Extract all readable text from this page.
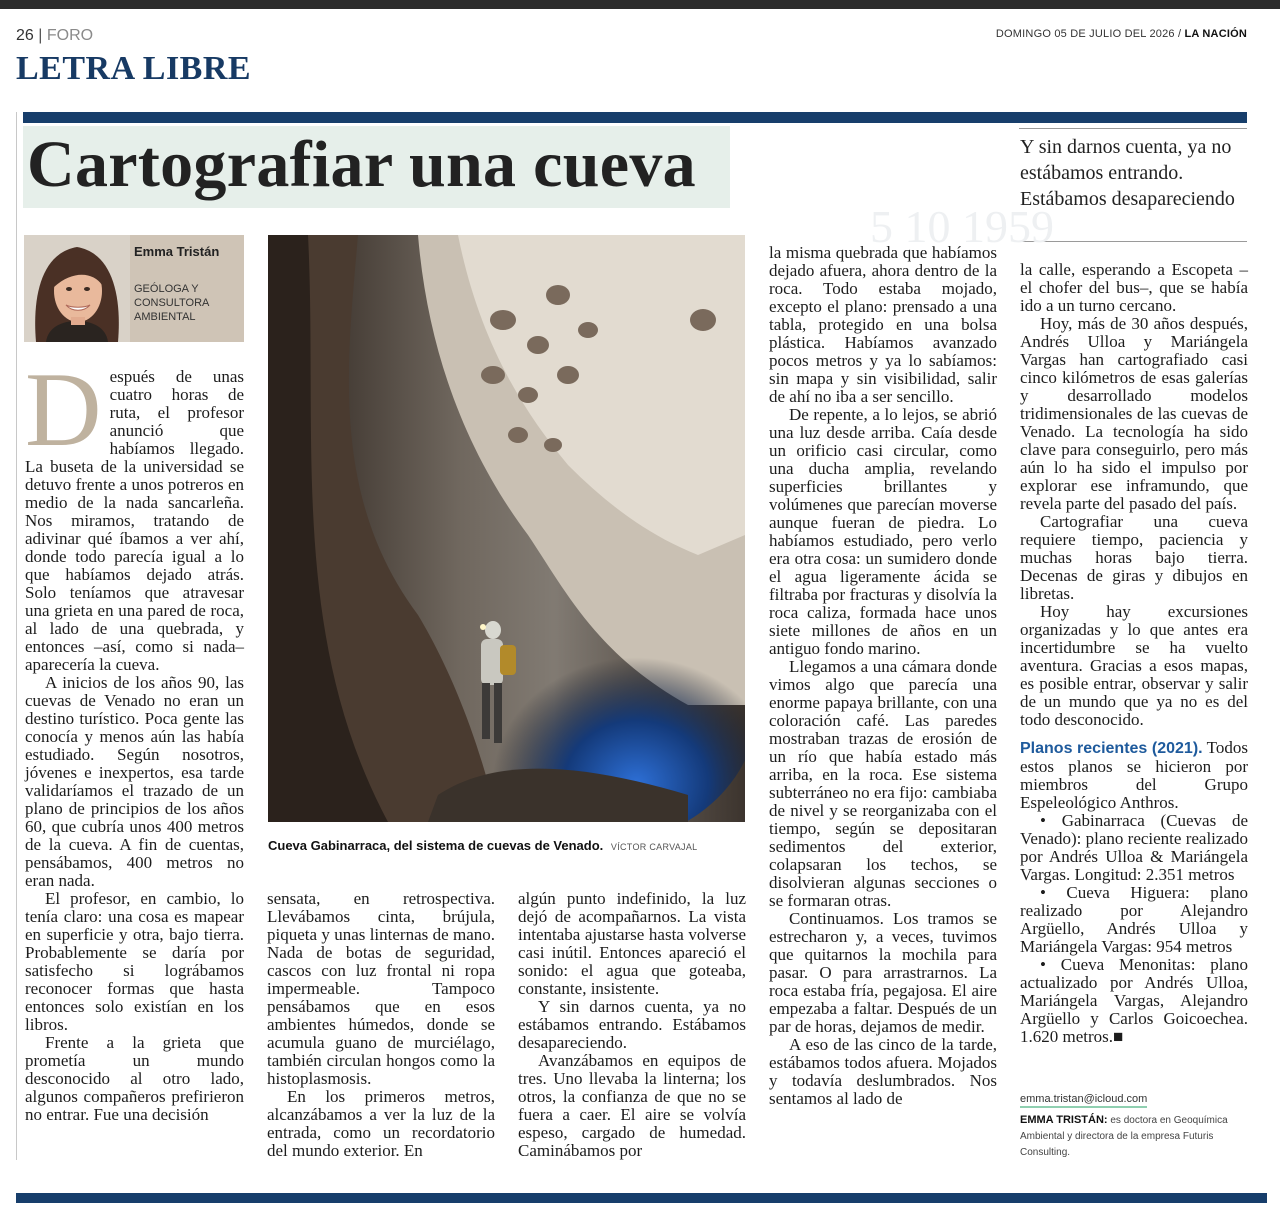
26 | FORO	DOMINGO 05 DE JULIO DEL 2026 / LA NACIÓN
LETRA LIBRE
Cartografiar una cueva	Y sin darnos cuenta, ya no estábamos entrando. Estábamos desapareciendo
Emma Tristán
GEÓLOGA Y CONSULTORA AMBIENTAL
Cueva Gabinarraca, del sistema de cuevas de Venado. VÍCTOR CARVAJAL
5 10 1959

Después de unas cuatro horas de ruta, el profesor anunció que habíamos llegado. La buseta de la universidad se detuvo frente a unos potreros en medio de la nada sancarleña. Nos miramos, tratando de adivinar qué íbamos a ver ahí, donde todo parecía igual a lo que habíamos dejado atrás. Solo teníamos que atravesar una grieta en una pared de roca, al lado de una quebrada, y entonces –así, como si nada– aparecería la cueva.

A inicios de los años 90, las cuevas de Venado no eran un destino turístico. Poca gente las conocía y menos aún las había estudiado. Según nosotros, jóvenes e inexpertos, esa tarde validaríamos el trazado de un plano de principios de los años 60, que cubría unos 400 metros de la cueva. A fin de cuentas, pensábamos, 400 metros no eran nada.

El profesor, en cambio, lo tenía claro: una cosa es mapear en superficie y otra, bajo tierra. Probablemente se daría por satisfecho si lográbamos reconocer formas que hasta entonces solo existían en los libros.

Frente a la grieta que prometía un mundo desconocido al otro lado, algunos compañeros prefirieron no entrar. Fue una decisión

sensata, en retrospectiva. Llevábamos cinta, brújula, piqueta y unas linternas de mano. Nada de botas de seguridad, cascos con luz frontal ni ropa impermeable. Tampoco pensábamos que en esos ambientes húmedos, donde se acumula guano de murciélago, también circulan hongos como la histoplasmosis.

En los primeros metros, alcanzábamos a ver la luz de la entrada, como un recordatorio del mundo exterior. En

algún punto indefinido, la luz dejó de acompañarnos. La vista intentaba ajustarse hasta volverse casi inútil. Entonces apareció el sonido: el agua que goteaba, constante, insistente.

Y sin darnos cuenta, ya no estábamos entrando. Estábamos desapareciendo.

Avanzábamos en equipos de tres. Uno llevaba la linterna; los otros, la confianza de que no se fuera a caer. El aire se volvía espeso, cargado de humedad. Caminábamos por

la misma quebrada que habíamos dejado afuera, ahora dentro de la roca. Todo estaba mojado, excepto el plano: prensado a una tabla, protegido en una bolsa plástica. Habíamos avanzado pocos metros y ya lo sabíamos: sin mapa y sin visibilidad, salir de ahí no iba a ser sencillo.

De repente, a lo lejos, se abrió una luz desde arriba. Caía desde un orificio casi circular, como una ducha amplia, revelando superficies brillantes y volúmenes que parecían moverse aunque fueran de piedra. Lo habíamos estudiado, pero verlo era otra cosa: un sumidero donde el agua ligeramente ácida se filtraba por fracturas y disolvía la roca caliza, formada hace unos siete millones de años en un antiguo fondo marino.

Llegamos a una cámara donde vimos algo que parecía una enorme papaya brillante, con una coloración café. Las paredes mostraban trazas de erosión de un río que había estado más arriba, en la roca. Ese sistema subterráneo no era fijo: cambiaba de nivel y se reorganizaba con el tiempo, según se depositaran sedimentos del exterior, colapsaran los techos, se disolvieran algunas secciones o se formaran otras.

Continuamos. Los tramos se estrecharon y, a veces, tuvimos que quitarnos la mochila para pasar. O para arrastrarnos. La roca estaba fría, pegajosa. El aire empezaba a faltar. Después de un par de horas, dejamos de medir.

A eso de las cinco de la tarde, estábamos todos afuera. Mojados y todavía deslumbrados. Nos sentamos al lado de

la calle, esperando a Escopeta –el chofer del bus–, que se había ido a un turno cercano.

Hoy, más de 30 años después, Andrés Ulloa y Mariángela Vargas han cartografiado casi cinco kilómetros de esas galerías y desarrollado modelos tridimensionales de las cuevas de Venado. La tecnología ha sido clave para conseguirlo, pero más aún lo ha sido el impulso por explorar ese inframundo, que revela parte del pasado del país.

Cartografiar una cueva requiere tiempo, paciencia y muchas horas bajo tierra. Decenas de giras y dibujos en libretas.

Hoy hay excursiones organizadas y lo que antes era incertidumbre se ha vuelto aventura. Gracias a esos mapas, es posible entrar, observar y salir de un mundo que ya no es del todo desconocido.

Planos recientes (2021). Todos estos planos se hicieron por miembros del Grupo Espeleológico Anthros.

• Gabinarraca (Cuevas de Venado): plano reciente realizado por Andrés Ulloa & Mariángela Vargas. Longitud: 2.351 metros

• Cueva Higuera: plano realizado por Alejandro Argüello, Andrés Ulloa y Mariángela Vargas: 954 metros

• Cueva Menonitas: plano actualizado por Andrés Ulloa, Mariángela Vargas, Alejandro Argüello y Carlos Goicoechea. 1.620 metros.■

emma.tristan@icloud.com
EMMA TRISTÁN: es doctora en Geoquímica Ambiental y directora de la empresa Futuris Consulting.
